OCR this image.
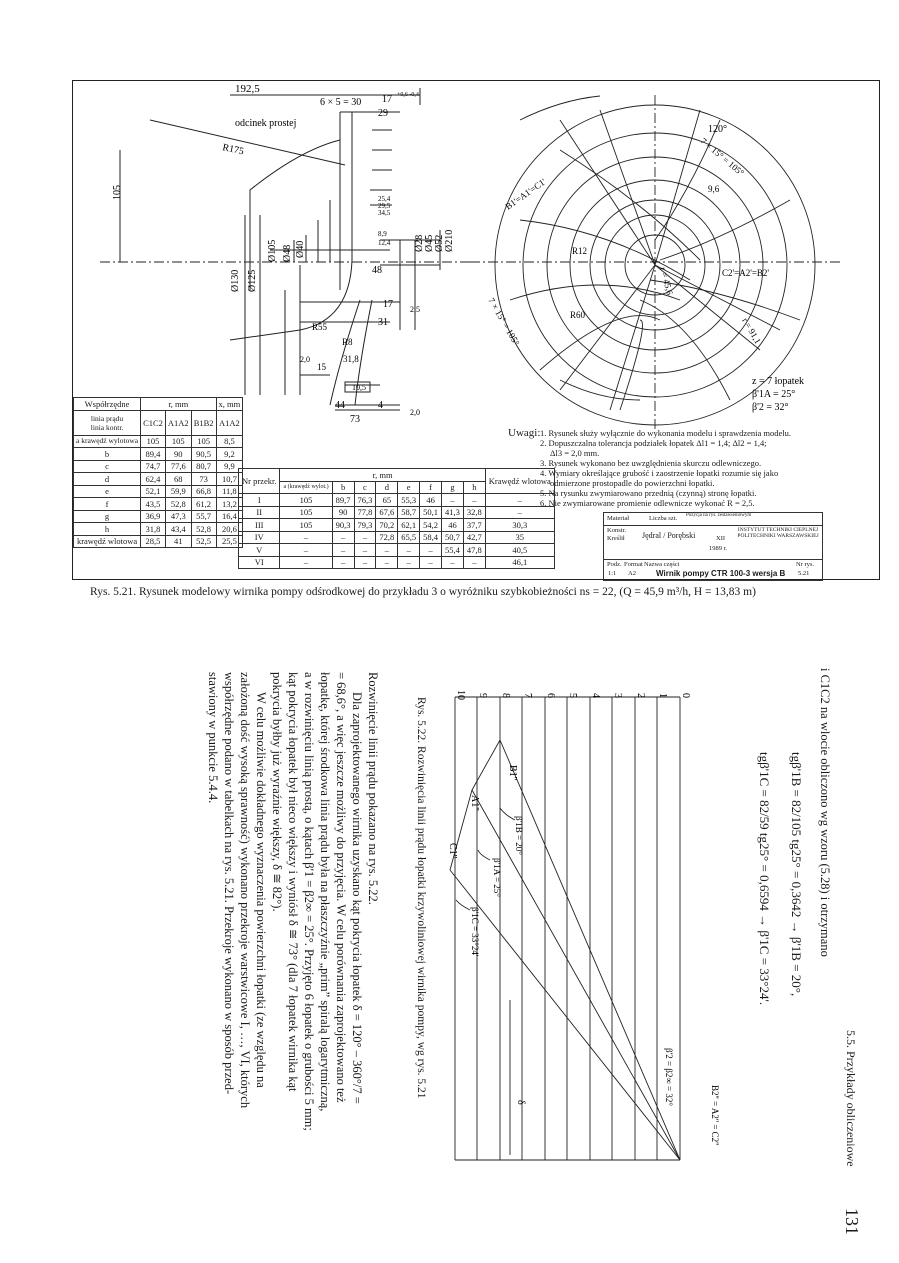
192,5
6 × 5 = 30 17 +0,6 -0,4
29
odcinek prostej
R175
105
Ø130 Ø125
Ø105 Ø48 Ø40	Ø28 Ø45 Ø52 Ø210
48
17
31
2,5
R55
R8
31,8
10,5
44	4
73
2,0
2,0
15
8,9
12,4
25,4
29,5
34,5
120°
7 × 15° = 105°
7 × 15° = 105°
9,6
B1'=A1'=C1'
C2'=A2'=B2'
r = 91,1
r = 45,6
R60
R12
z = 7 łopatek
β'1A = 25°
β'2 = 32°
Współrzędne	r, mm			x, mm
linia prądu
linia kontr.	C1C2	A1A2	B1B2	A1A2
a krawędź wylotowa	105	105	105	8,5
b	89,4	90	90,5	9,2
c	74,7	77,6	80,7	9,9
d	62,4	68	73	10,7
e	52,1	59,9	66,8	11,8
f	43,5	52,8	61,2	13,2
g	36,9	47,3	55,7	16,4
h	31,8	43,4	52,8	20,6
krawędź wlotowa	28,5	41	52,5	25,5
Nr przekr.	r, mm								Krawędź wlotowa
	a (krawędź wylot.)	b	c	d	e	f	g	h	
I	105	89,7	76,3	65	55,3	46	–	–	–
II	105	90	77,8	67,6	58,7	50,1	41,3	32,8	–
III	105	90,3	79,3	70,2	62,1	54,2	46	37,7	30,3
IV	–	–	–	72,8	65,5	58,4	50,7	42,7	35
V	–	–	–	–	–	–	55,4	47,8	40,5
VI	–	–	–	–	–	–	–	–	46,1
Uwagi: 1. Rysunek służy wyłącznie do wykonania modelu i sprawdzenia modelu.
2. Dopuszczalna tolerancja podziałek łopatek Δl1 = 1,4; Δl2 = 1,4;
Δl3 = 2,0 mm.
3. Rysunek wykonano bez uwzględnienia skurczu odlewniczego.
4. Wymiary określające grubość i zaostrzenie łopatki rozumie się jako
odmierzone prostopadle do powierzchni łopatki.
5. Na rysunku zwymiarowano przednią (czynną) stronę łopatki.
6. Nie zwymiarowane promienie odlewnicze wykonać R = 2,5.
Materiał	Liczba szt. Pozycja na rys. zestawieniowym
Konstr.
Kreślił Jędral / Porębski	XII
1989 r.
INSTYTUT TECHNIKI CIEPLNEJ POLITECHNIKI WARSZAWSKIEJ
Podz.
1:1
Format
A2
Nazwa części
Wirnik pompy CTR 100-3 wersja B
Nr rys.
5.21
Rys. 5.21. Rysunek modelowy wirnika pompy odśrodkowej do przykładu 3 o wyróżniku szybkobieżności ns = 22, (Q = 45,9 m³/h, H = 13,83 m)
5.5. Przykłady obliczeniowe
131
i C1C2 na wlocie obliczono wg wzoru (5.28) i otrzymano
tgβ'1B = 82/105 tg25° = 0,3642 → β'1B = 20°,
tgβ'1C = 82/59 tg25° = 0,6594 → β'1C = 33°24'.
0
1
2
3
4
5
6
7
8
9
10
B1''
A1''
C1''	β'1B = 20°
β'1A = 25°
β'1C = 33°24'
β'2 = β2∞ = 32°
B2'' = A2'' = C2''
δ
Rys. 5.22. Rozwinięcia linii prądu łopatki krzywoliniowej wirnika pompy, wg rys. 5.21
Rozwinięcie linii prądu pokazano na rys. 5.22.
Dla zaprojektowanego wirnika uzyskano kąt pokrycia łopatek δ = 120° – 360°/7 =
= 68,6°, a więc jeszcze możliwy do przyjęcia. W celu porównania zaprojektowano też
łopatkę, której środkowa linia prądu była na płaszczyźnie „prim” spiralą logarytmiczną,
a w rozwinięciu linią prostą, o kątach β'1 = β2∞ = 25°. Przyjęto 6 łopatek o grubości 5 mm;
kąt pokrycia łopatek był nieco większy i wyniósł δ ≅ 73° (dla 7 łopatek wirnika kąt
pokrycia byłby już wyraźnie większy, δ ≅ 82°).
W celu możliwie dokładnego wyznaczenia powierzchni łopatki (ze względu na
założoną dość wysoką sprawność) wykonano przekroje warstwicowe I, …, VI, których
współrzędne podano w tabelkach na rys. 5.21. Przekroje wykonano w sposób przed-
stawiony w punkcie 5.4.4.
